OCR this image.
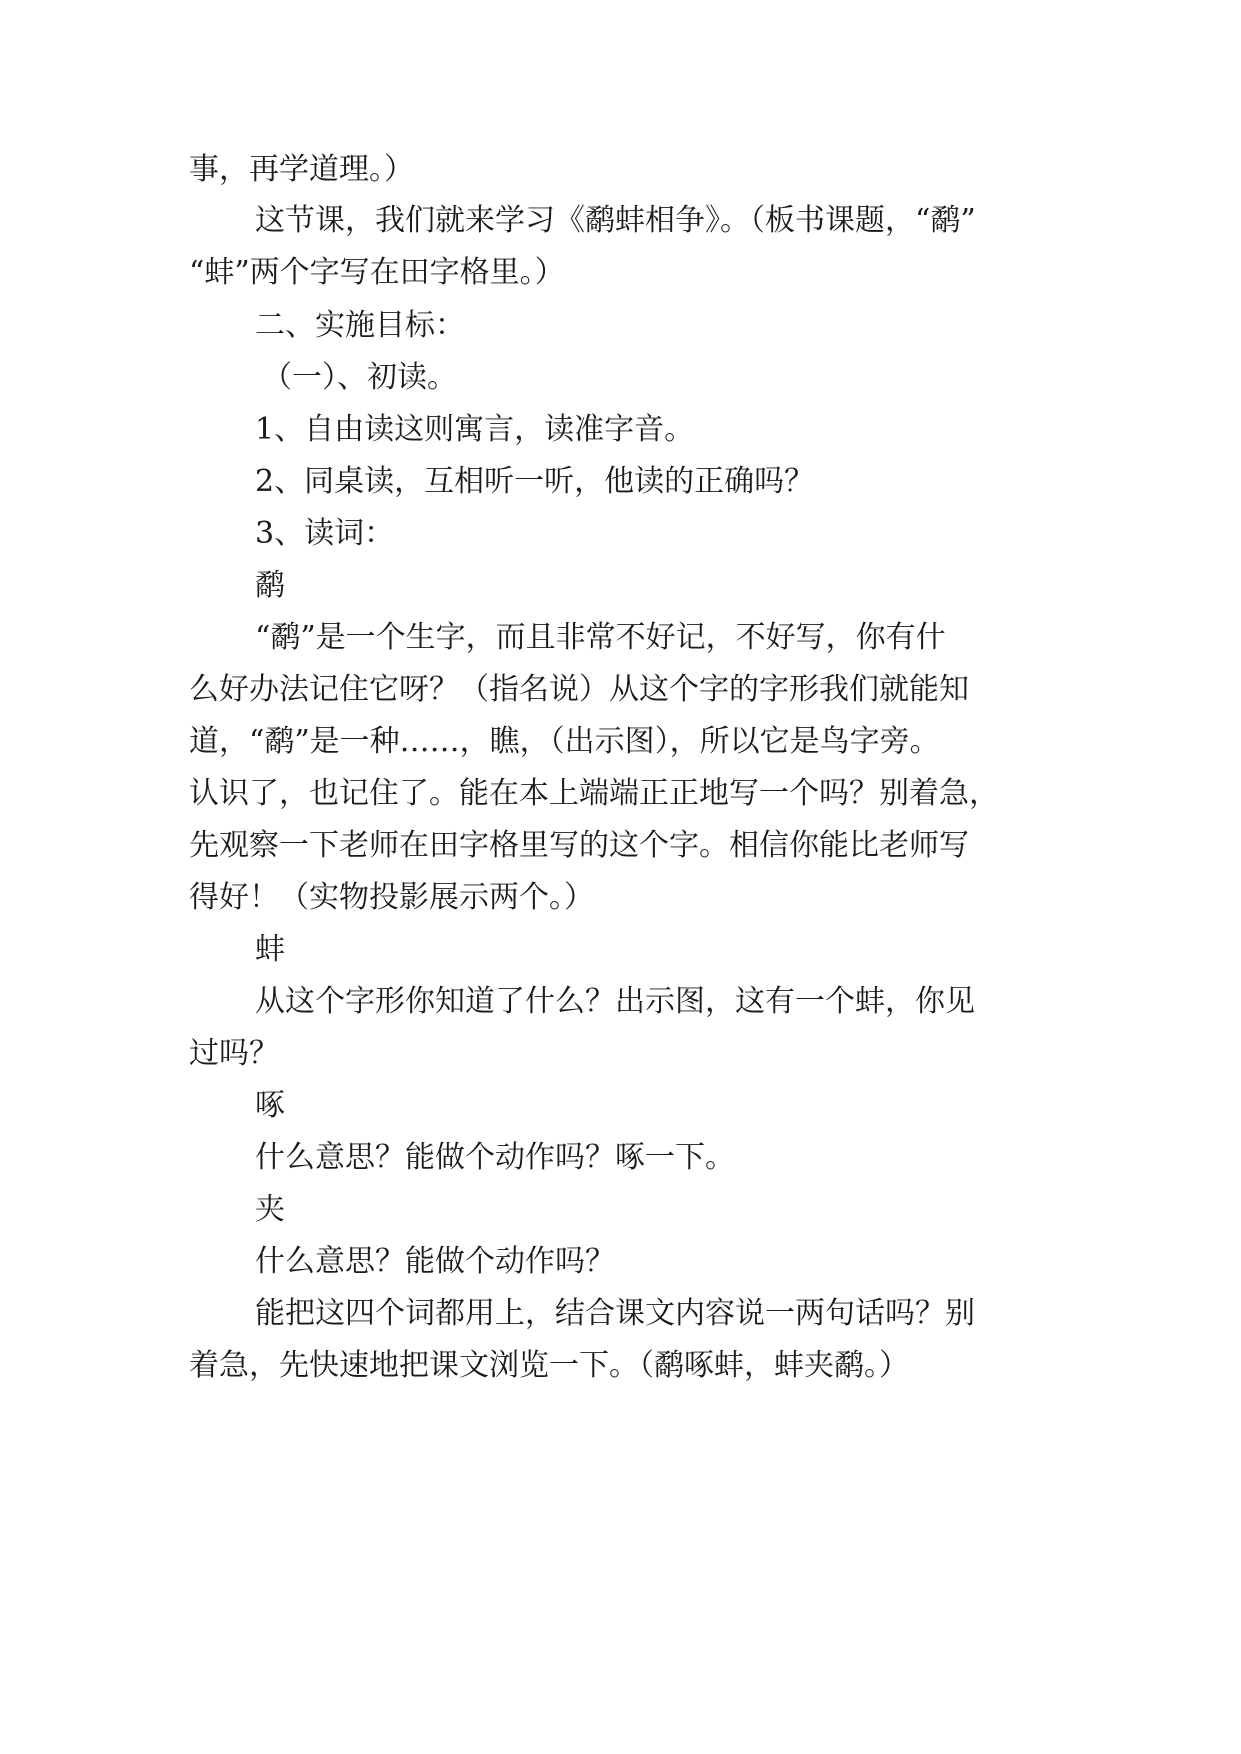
事，再学道理。）
这节课，我们就来学习《鹬蚌相争》。（板书课题，“鹬”
“蚌”两个字写在田字格里。）
二、实施目标：
（一）、初读。
1、自由读这则寓言，读准字音。
2、同桌读，互相听一听，他读的正确吗？
3、读词：
鹬
“鹬”是一个生字，而且非常不好记，不好写，你有什
么好办法记住它呀？（指名说）从这个字的字形我们就能知
道，“鹬”是一种……，瞧，（出示图），所以它是鸟字旁。
认识了，也记住了。能在本上端端正正地写一个吗？别着急，
先观察一下老师在田字格里写的这个字。相信你能比老师写
得好！（实物投影展示两个。）
蚌
从这个字形你知道了什么？出示图，这有一个蚌，你见
过吗？
啄
什么意思？能做个动作吗？啄一下。
夹
什么意思？能做个动作吗？
能把这四个词都用上，结合课文内容说一两句话吗？别
着急，先快速地把课文浏览一下。（鹬啄蚌，蚌夹鹬。）
